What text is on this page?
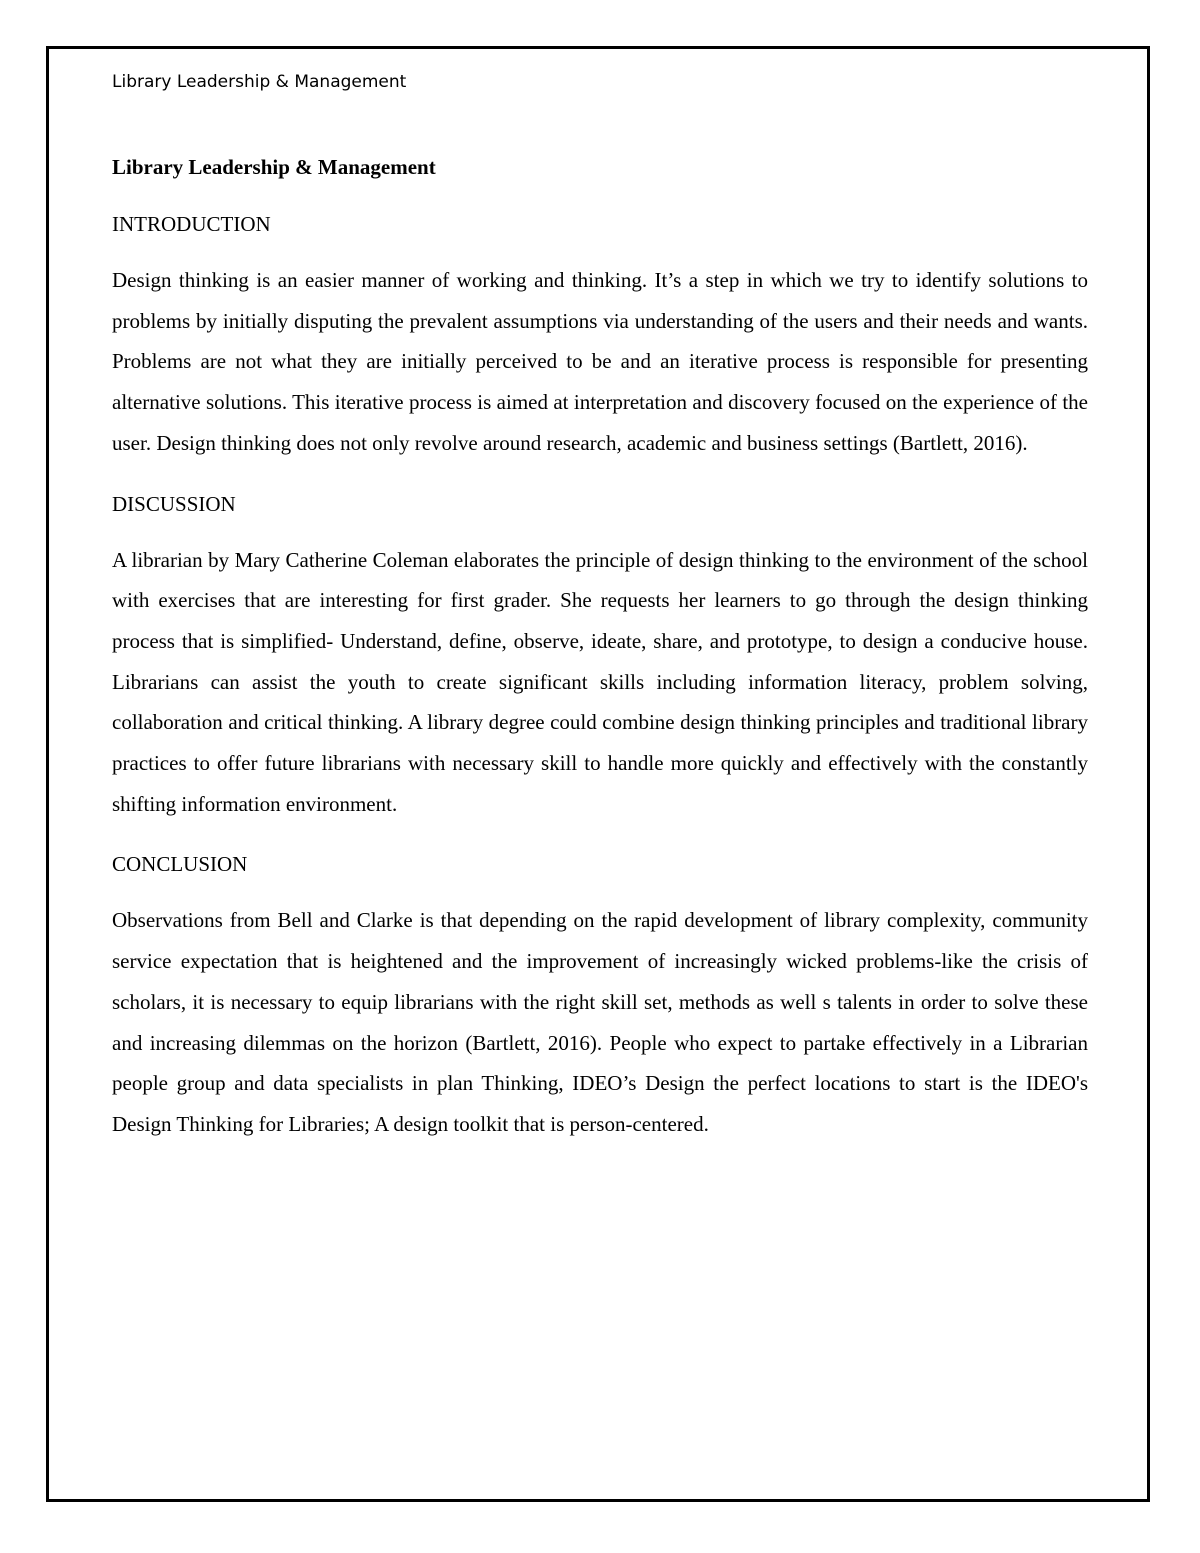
Library Leadership & Management
Library Leadership & Management
INTRODUCTION

Design thinking is an easier manner of working and thinking. It’s a step in which we try to identify solutions to problems by initially disputing the prevalent assumptions via understanding of the users and their needs and wants. Problems are not what they are initially perceived to be and an iterative process is responsible for presenting alternative solutions. This iterative process is aimed at interpretation and discovery focused on the experience of the user. Design thinking does not only revolve around research, academic and business settings (Bartlett, 2016).

DISCUSSION

A librarian by Mary Catherine Coleman elaborates the principle of design thinking to the environment of the school with exercises that are interesting for first grader. She requests her learners to go through the design thinking process that is simplified- Understand, define, observe, ideate, share, and prototype, to design a conducive house. Librarians can assist the youth to create significant skills including information literacy, problem solving, collaboration and critical thinking. A library degree could combine design thinking principles and traditional library practices to offer future librarians with necessary skill to handle more quickly and effectively with the constantly shifting information environment.

CONCLUSION

Observations from Bell and Clarke is that depending on the rapid development of library complexity, community service expectation that is heightened and the improvement of increasingly wicked problems-like the crisis of scholars, it is necessary to equip librarians with the right skill set, methods as well s talents in order to solve these and increasing dilemmas on the horizon (Bartlett, 2016). People who expect to partake effectively in a Librarian people group and data specialists in plan Thinking, IDEO’s Design the perfect locations to start is the IDEO's Design Thinking for Libraries; A design toolkit that is person-centered.
